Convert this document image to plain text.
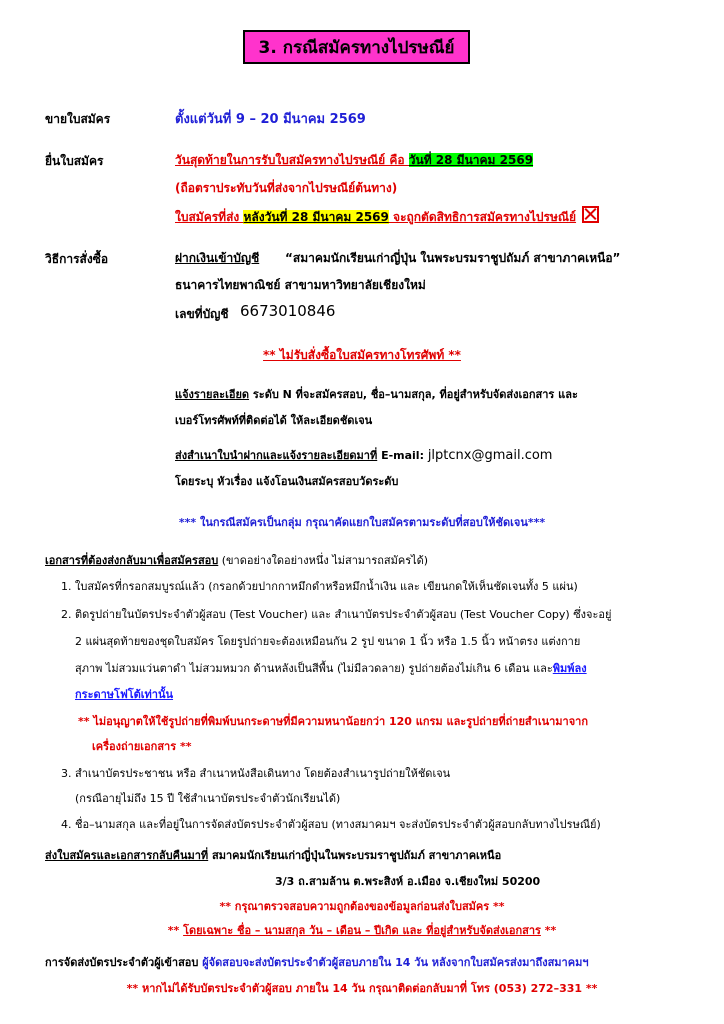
3. กรณีสมัครทางไปรษณีย์
ขายใบสมัคร	ตั้งแต่วันที่ 9 – 20 มีนาคม 2569
ยื่นใบสมัคร	วันสุดท้ายในการรับใบสมัครทางไปรษณีย์ คือ วันที่ 28 มีนาคม 2569
(ถือตราประทับวันที่ส่งจากไปรษณีย์ต้นทาง)
ใบสมัครที่ส่ง หลังวันที่ 28 มีนาคม 2569 จะถูกตัดสิทธิการสมัครทางไปรษณีย์
วิธีการสั่งซื้อ	ฝากเงินเข้าบัญชี “สมาคมนักเรียนเก่าญี่ปุ่น ในพระบรมราชูปถัมภ์ สาขาภาคเหนือ”
ธนาคารไทยพาณิชย์ สาขามหาวิทยาลัยเชียงใหม่
เลขที่บัญชี 6673010846
** ไม่รับสั่งซื้อใบสมัครทางโทรศัพท์ **
แจ้งรายละเอียด ระดับ N ที่จะสมัครสอบ, ชื่อ–นามสกุล, ที่อยู่สำหรับจัดส่งเอกสาร และ
เบอร์โทรศัพท์ที่ติดต่อได้ ให้ละเอียดชัดเจน
ส่งสำเนาใบนำฝากและแจ้งรายละเอียดมาที่ E-mail: jlptcnx@gmail.com
โดยระบุ หัวเรื่อง แจ้งโอนเงินสมัครสอบวัดระดับ
*** ในกรณีสมัครเป็นกลุ่ม กรุณาคัดแยกใบสมัครตามระดับที่สอบให้ชัดเจน***
เอกสารที่ต้องส่งกลับมาเพื่อสมัครสอบ (ขาดอย่างใดอย่างหนึ่ง ไม่สามารถสมัครได้)
1. ใบสมัครที่กรอกสมบูรณ์แล้ว (กรอกด้วยปากกาหมึกดำหรือหมึกน้ำเงิน และ เขียนกดให้เห็นชัดเจนทั้ง 5 แผ่น)
2. ติดรูปถ่ายในบัตรประจำตัวผู้สอบ (Test Voucher) และ สำเนาบัตรประจำตัวผู้สอบ (Test Voucher Copy) ซึ่งจะอยู่
2 แผ่นสุดท้ายของชุดใบสมัคร โดยรูปถ่ายจะต้องเหมือนกัน 2 รูป ขนาด 1 นิ้ว หรือ 1.5 นิ้ว หน้าตรง แต่งกาย
สุภาพ ไม่สวมแว่นตาดำ ไม่สวมหมวก ด้านหลังเป็นสีพื้น (ไม่มีลวดลาย) รูปถ่ายต้องไม่เกิน 6 เดือน และพิมพ์ลง
กระดาษโฟโต้เท่านั้น
** ไม่อนุญาตให้ใช้รูปถ่ายที่พิมพ์บนกระดาษที่มีความหนาน้อยกว่า 120 แกรม และรูปถ่ายที่ถ่ายสำเนามาจาก
เครื่องถ่ายเอกสาร **
3. สำเนาบัตรประชาชน หรือ สำเนาหนังสือเดินทาง โดยต้องสำเนารูปถ่ายให้ชัดเจน
(กรณีอายุไม่ถึง 15 ปี ใช้สำเนาบัตรประจำตัวนักเรียนได้)
4. ชื่อ–นามสกุล และที่อยู่ในการจัดส่งบัตรประจำตัวผู้สอบ (ทางสมาคมฯ จะส่งบัตรประจำตัวผู้สอบกลับทางไปรษณีย์)
ส่งใบสมัครและเอกสารกลับคืนมาที่ สมาคมนักเรียนเก่าญี่ปุ่นในพระบรมราชูปถัมภ์ สาขาภาคเหนือ
3/3 ถ.สามล้าน ต.พระสิงห์ อ.เมือง จ.เชียงใหม่ 50200
** กรุณาตรวจสอบความถูกต้องของข้อมูลก่อนส่งใบสมัคร **
** โดยเฉพาะ ชื่อ – นามสกุล วัน – เดือน – ปีเกิด และ ที่อยู่สำหรับจัดส่งเอกสาร **
การจัดส่งบัตรประจำตัวผู้เข้าสอบ ผู้จัดสอบจะส่งบัตรประจำตัวผู้สอบภายใน 14 วัน หลังจากใบสมัครส่งมาถึงสมาคมฯ
** หากไม่ได้รับบัตรประจำตัวผู้สอบ ภายใน 14 วัน กรุณาติดต่อกลับมาที่ โทร (053) 272–331 **
